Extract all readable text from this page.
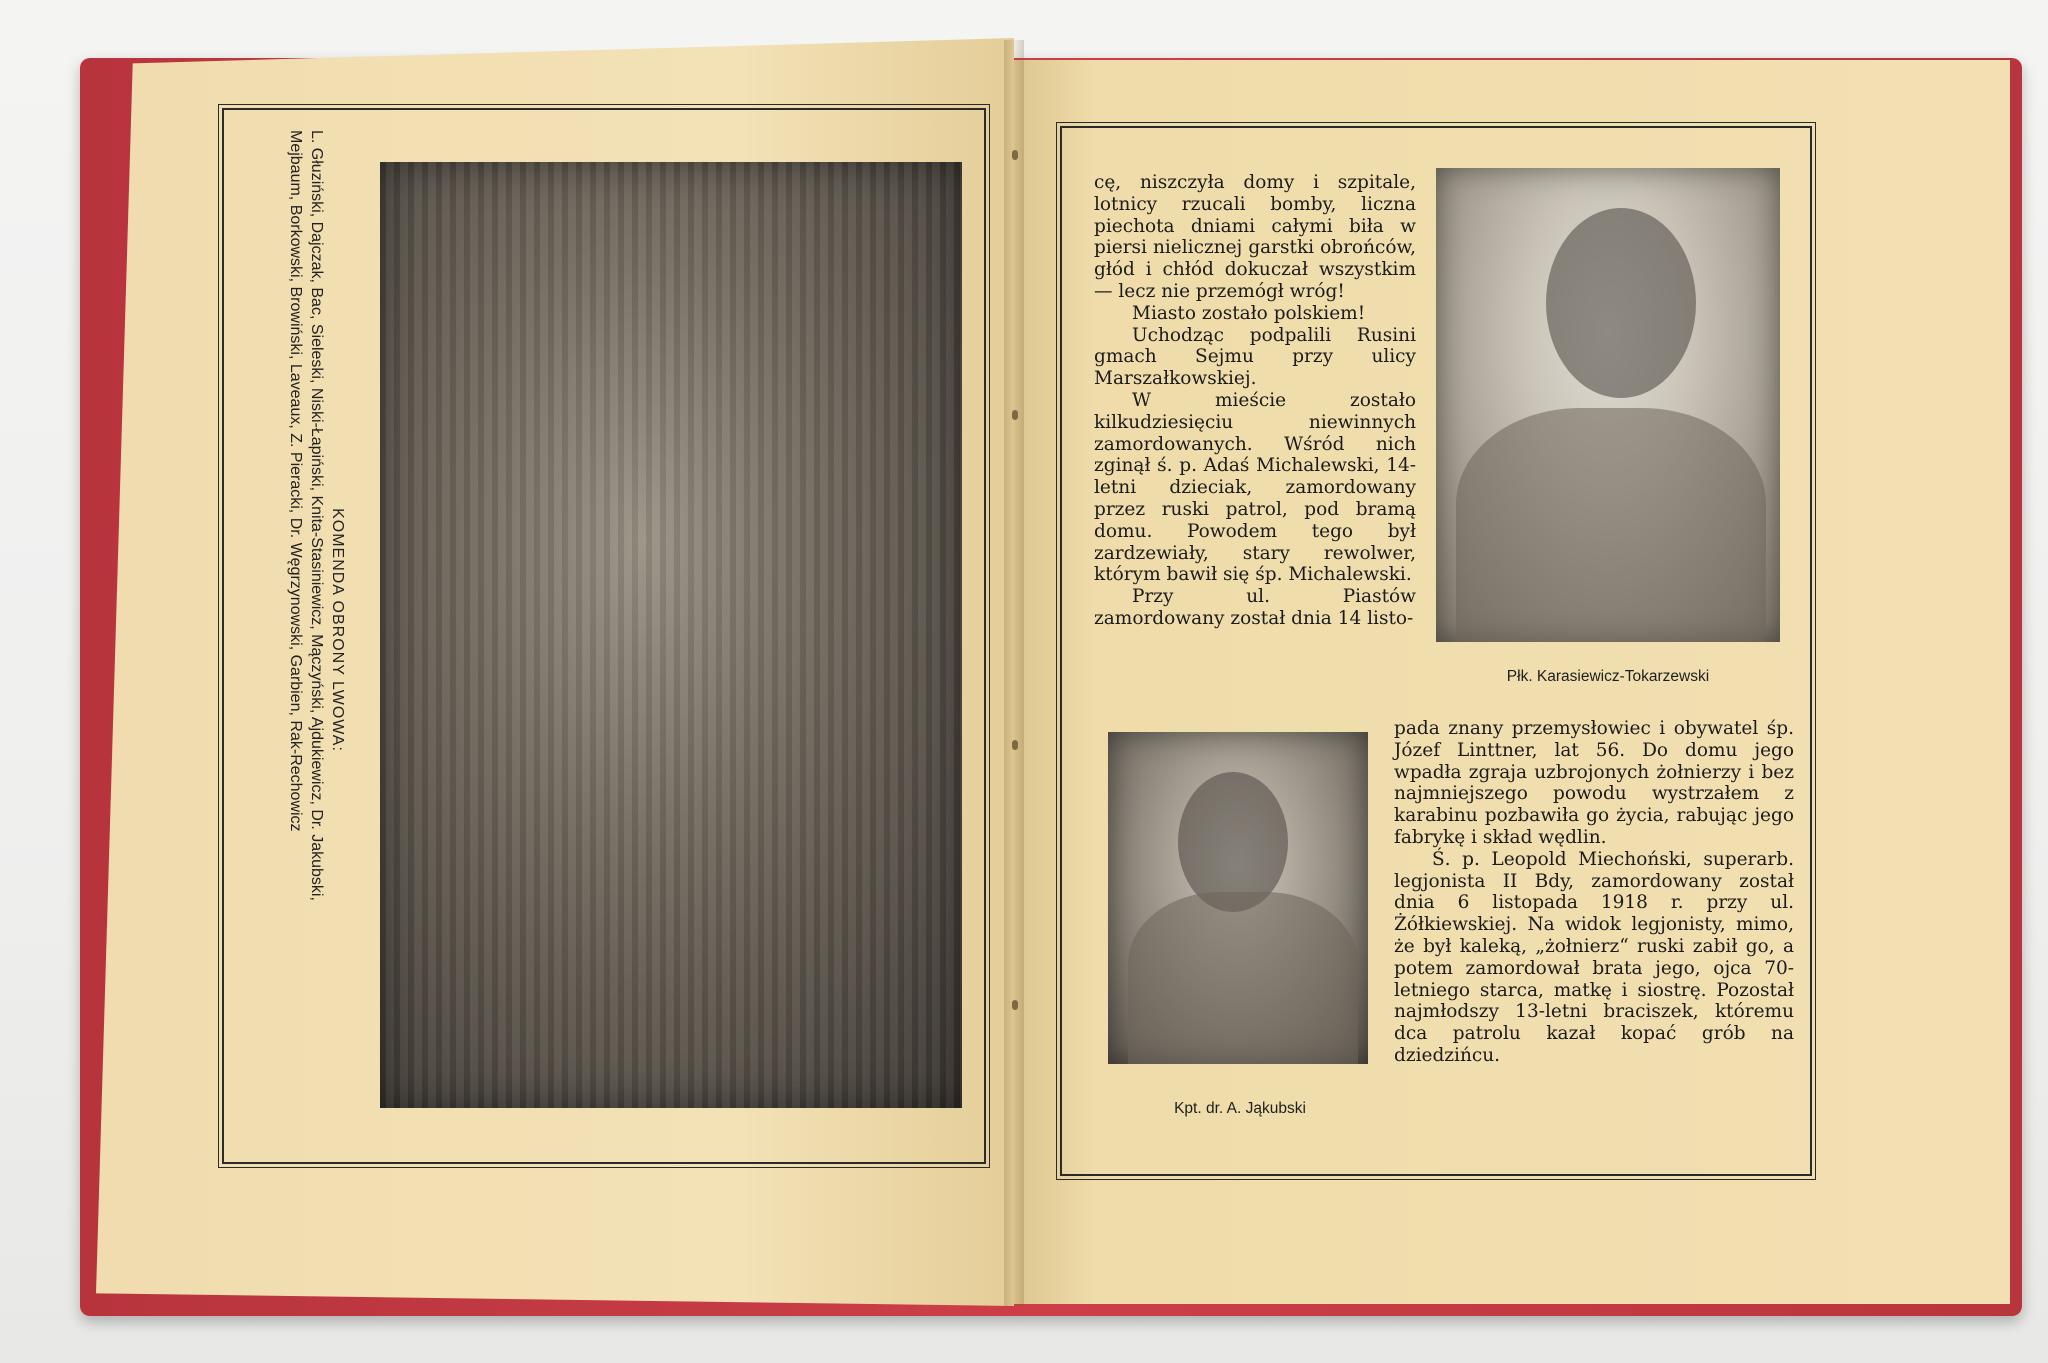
KOMENDA OBRONY LWOWA:
L. Głuziński, Dajczak, Bac, Sieleski, Niski-Łapiński, Knita-Stasiniewicz, Mączyński, Ajdukiewicz, Dr. Jakubski,
Mejbaum, Borkowski, Browiński, Laveaux, Z. Pieracki, Dr. Węgrzynowski, Garbien, Rak-Rechowicz	cę, niszczyła domy i szpitale, lotnicy rzucali bomby, liczna piechota dniami całymi biła w piersi nielicznej garstki obrońców, głód i chłód dokuczał wszystkim — lecz nie przemógł wróg!

Miasto zostało polskiem!

Uchodząc podpalili Rusini gmach Sejmu przy ulicy Marszałkowskiej.

W mieście zostało kilkudziesięciu niewinnych zamordowanych. Wśród nich zginął ś. p. Adaś Michalewski, 14-letni dzieciak, zamordowany przez ruski patrol, pod bramą domu. Powodem tego był zardzewiały, stary rewolwer, którym bawił się śp. Michalewski.

Przy ul. Piastów zamordowany został dnia 14 listo-

Płk. Karasiewicz-Tokarzewski
Kpt. dr. A. Jąkubski

pada znany przemysłowiec i obywatel śp. Józef Linttner, lat 56. Do domu jego wpadła zgraja uzbrojonych żołnierzy i bez najmniejszego powodu wystrzałem z karabinu pozbawiła go życia, rabując jego fabrykę i skład wędlin.

Ś. p. Leopold Miechoński, superarb. legjonista II Bdy, zamordowany został dnia 6 listopada 1918 r. przy ul. Żółkiewskiej. Na widok legjonisty, mimo, że był kaleką, „żołnierz“ ruski zabił go, a potem zamordował brata jego, ojca 70-letniego starca, matkę i siostrę. Pozostał najmłodszy 13-letni braciszek, któremu dca patrolu kazał kopać grób na dziedzińcu.
